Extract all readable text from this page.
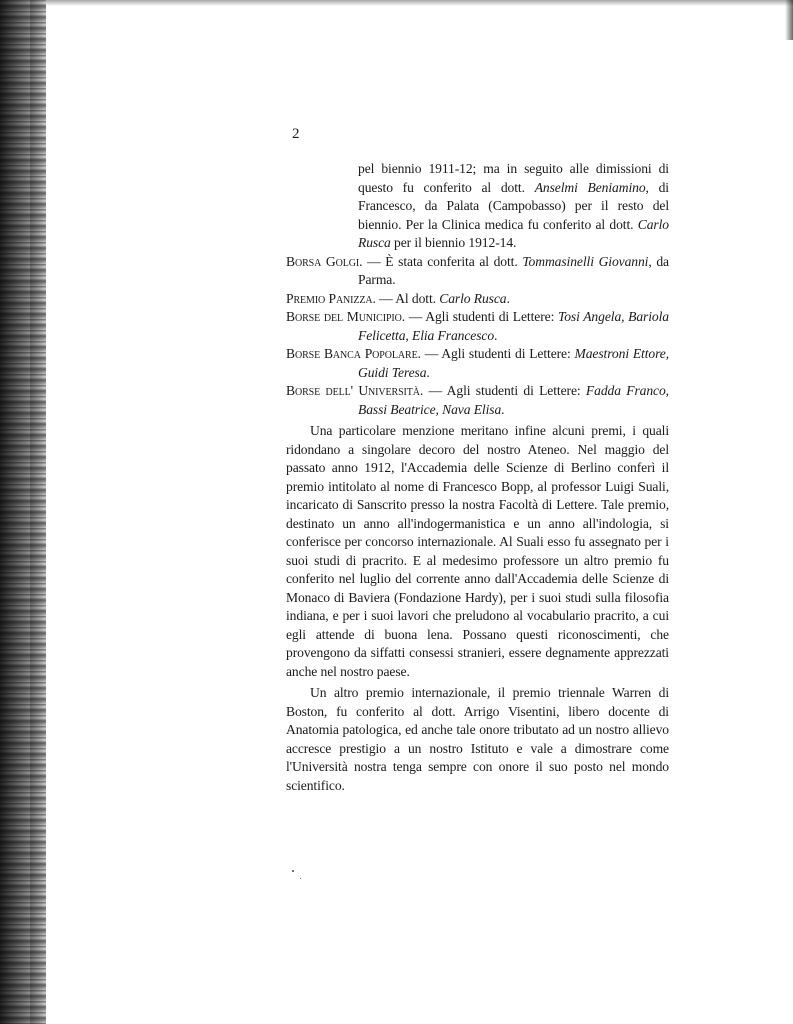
2

pel biennio 1911-12; ma in seguito alle dimissioni di questo fu conferito al dott. Anselmi Beniamino, di Francesco, da Palata (Campobasso) per il resto del biennio. Per la Clinica medica fu conferito al dott. Carlo Rusca per il biennio 1912-14.

Borsa Golgi. — È stata conferita al dott. Tommasinelli Giovanni, da Parma.

Premio Panizza. — Al dott. Carlo Rusca.

Borse del Municipio. — Agli studenti di Lettere: Tosi Angela, Bariola Felicetta, Elia Francesco.

Borse Banca Popolare. — Agli studenti di Lettere: Maestroni Ettore, Guidi Teresa.

Borse dell' Università. — Agli studenti di Lettere: Fadda Franco, Bassi Beatrice, Nava Elisa.

Una particolare menzione meritano infine alcuni premi, i quali ridondano a singolare decoro del nostro Ateneo. Nel maggio del passato anno 1912, l'Accademia delle Scienze di Berlino conferì il premio intitolato al nome di Francesco Bopp, al professor Luigi Suali, incaricato di Sanscrito presso la nostra Facoltà di Lettere. Tale premio, destinato un anno all'indogermanistica e un anno all'indologia, si conferisce per concorso internazionale. Al Suali esso fu assegnato per i suoi studi di pracrito. E al medesimo professore un altro premio fu conferito nel luglio del corrente anno dall'Accademia delle Scienze di Monaco di Baviera (Fondazione Hardy), per i suoi studi sulla filosofia indiana, e per i suoi lavori che preludono al vocabulario pracrito, a cui egli attende di buona lena. Possano questi riconoscimenti, che provengono da siffatti consessi stranieri, essere degnamente apprezzati anche nel nostro paese.

Un altro premio internazionale, il premio triennale Warren di Boston, fu conferito al dott. Arrigo Visentini, libero docente di Anatomia patologica, ed anche tale onore tributato ad un nostro allievo accresce prestigio a un nostro Istituto e vale a dimostrare come l'Università nostra tenga sempre con onore il suo posto nel mondo scientifico.
